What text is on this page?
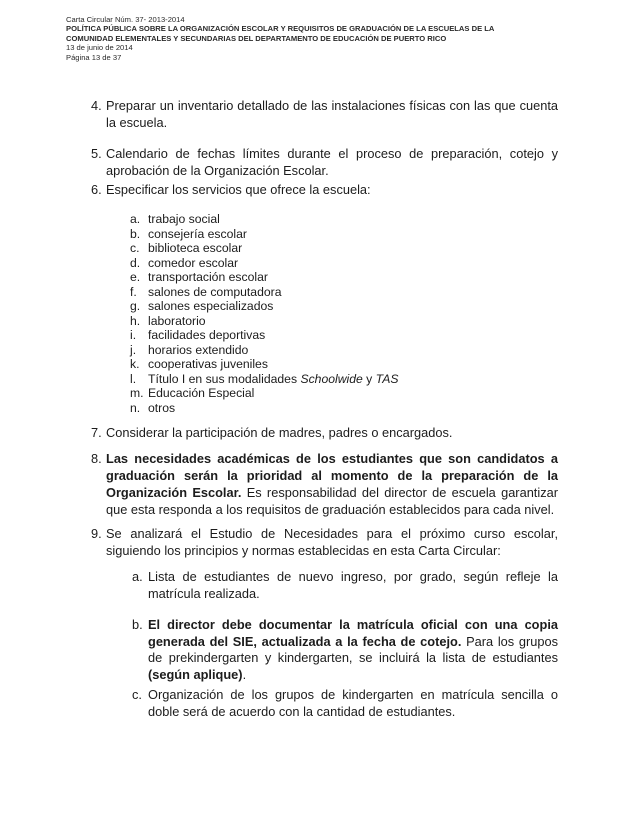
Carta Circular Núm. 37- 2013-2014
POLÍTICA PÚBLICA SOBRE LA ORGANIZACIÓN ESCOLAR Y REQUISITOS DE GRADUACIÓN DE LA ESCUELAS DE LA
COMUNIDAD ELEMENTALES Y SECUNDARIAS DEL DEPARTAMENTO DE EDUCACIÓN DE PUERTO RICO
13 de junio de 2014
Página 13 de 37
4. Preparar un inventario detallado de las instalaciones físicas con las que cuenta la escuela.
5. Calendario de fechas límites durante el proceso de preparación, cotejo y aprobación de la Organización Escolar.
6. Especificar los servicios que ofrece la escuela:
a. trabajo social
b. consejería escolar
c. biblioteca escolar
d. comedor escolar
e. transportación escolar
f. salones de computadora
g. salones especializados
h. laboratorio
i. facilidades deportivas
j. horarios extendido
k. cooperativas juveniles
l. Título I en sus modalidades Schoolwide y TAS
m. Educación Especial
n. otros
7. Considerar la participación de madres, padres o encargados.
8. Las necesidades académicas de los estudiantes que son candidatos a graduación serán la prioridad al momento de la preparación de la Organización Escolar. Es responsabilidad del director de escuela garantizar que esta responda a los requisitos de graduación establecidos para cada nivel.
9. Se analizará el Estudio de Necesidades para el próximo curso escolar, siguiendo los principios y normas establecidas en esta Carta Circular:
a. Lista de estudiantes de nuevo ingreso, por grado, según refleje la matrícula realizada.
b. El director debe documentar la matrícula oficial con una copia generada del SIE, actualizada a la fecha de cotejo. Para los grupos de prekindergarten y kindergarten, se incluirá la lista de estudiantes (según aplique).
c. Organización de los grupos de kindergarten en matrícula sencilla o doble será de acuerdo con la cantidad de estudiantes.
